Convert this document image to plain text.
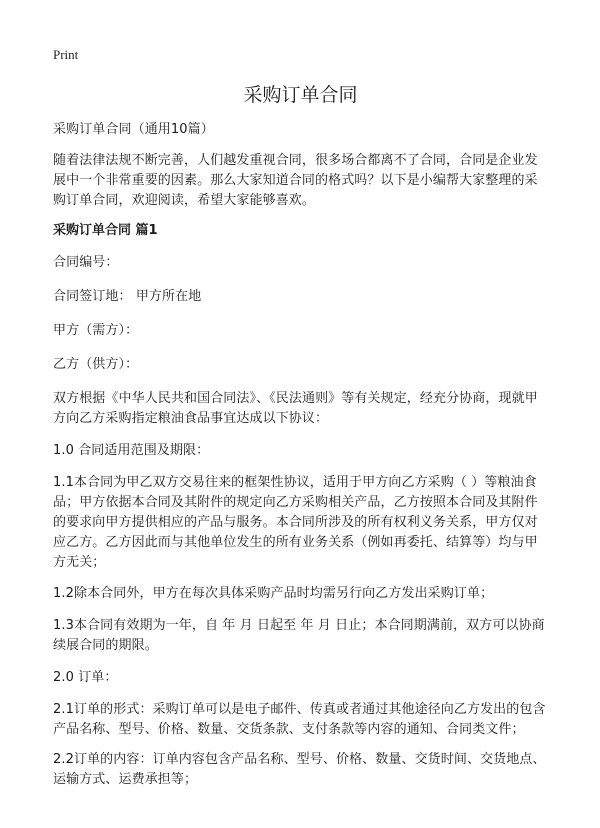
Print
采购订单合同

采购订单合同（通用10篇）

随着法律法规不断完善，人们越发重视合同，很多场合都离不了合同，合同是企业发展中一个非常重要的因素。那么大家知道合同的格式吗？以下是小编帮大家整理的采购订单合同，欢迎阅读，希望大家能够喜欢。

采购订单合同 篇1

合同编号：

合同签订地： 甲方所在地

甲方（需方）：

乙方（供方）：

双方根据《中华人民共和国合同法》、《民法通则》等有关规定，经充分协商，现就甲方向乙方采购指定粮油食品事宜达成以下协议：

1.0 合同适用范围及期限：

1.1本合同为甲乙双方交易往来的框架性协议，适用于甲方向乙方采购（ ）等粮油食品；甲方依据本合同及其附件的规定向乙方采购相关产品，乙方按照本合同及其附件的要求向甲方提供相应的产品与服务。本合同所涉及的所有权利义务关系，甲方仅对应乙方。乙方因此而与其他单位发生的所有业务关系（例如再委托、结算等）均与甲方无关；

1.2除本合同外，甲方在每次具体采购产品时均需另行向乙方发出采购订单；

1.3本合同有效期为一年，自 年 月 日起至 年 月 日止；本合同期满前，双方可以协商续展合同的期限。

2.0 订单：

2.1订单的形式：采购订单可以是电子邮件、传真或者通过其他途径向乙方发出的包含产品名称、型号、价格、数量、交货条款、支付条款等内容的通知、合同类文件；

2.2订单的内容：订单内容包含产品名称、型号、价格、数量、交货时间、交货地点、运输方式、运费承担等；
